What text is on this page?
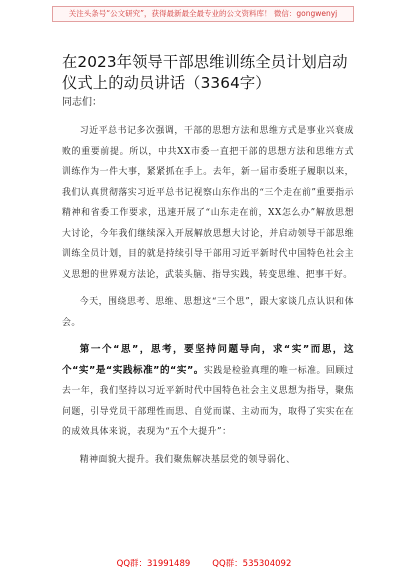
关注头条号“公文研究”，获得最新最全最专业的公文资料库！ 微信：gongwenyj
在2023年领导干部思维训练全员计划启动仪式上的动员讲话（3364字）
同志们：

习近平总书记多次强调，干部的思想方法和思维方式是事业兴衰成败的重要前提。所以，中共XX市委一直把干部的思想方法和思维方式训练作为一件大事，紧紧抓在手上。去年，新一届市委班子履职以来，我们认真贯彻落实习近平总书记视察山东作出的“三个走在前”重要指示精神和省委工作要求，迅速开展了“山东走在前，XX怎么办”解放思想大讨论，今年我们继续深入开展解放思想大讨论，并启动领导干部思维训练全员计划，目的就是持续引导干部用习近平新时代中国特色社会主义思想的世界观方法论，武装头脑、指导实践，转变思维、把事干好。

今天，围绕思考、思维、思想这“三个思”，跟大家谈几点认识和体会。

第一个“思”，思考，要坚持问题导向，求“实”而思，这个“实”是“实践标准”的“实”。实践是检验真理的唯一标准。回顾过去一年，我们坚持以习近平新时代中国特色社会主义思想为指导，聚焦问题，引导党员干部理性而思、自觉而谋、主动而为，取得了实实在在的成效具体来说，表现为“五个大提升”：

精神面貌大提升。我们聚焦解决基层党的领导弱化、

QQ群：31991489	QQ群：535304092
